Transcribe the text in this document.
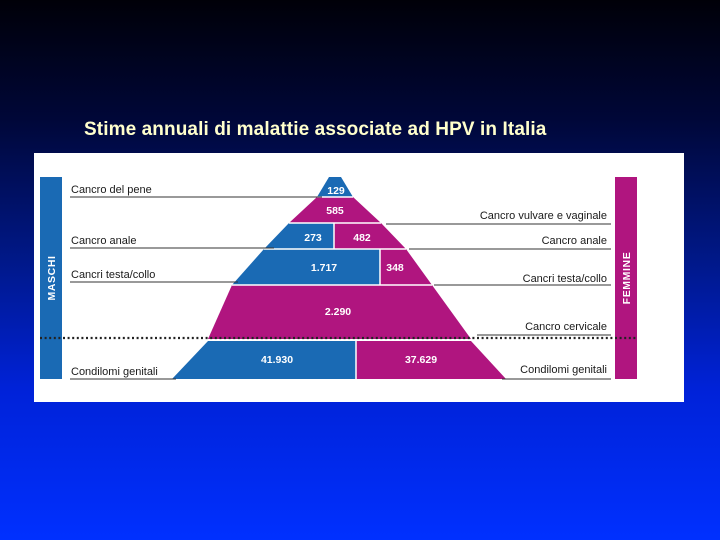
Stime annuali di malattie associate ad HPV in Italia
MASCHI	FEMMINE
Cancro del pene
Cancro anale
Cancri testa/collo
Condilomi genitali
Cancro vulvare e vaginale
Cancro anale
Cancri testa/collo
Cancro cervicale
Condilomi genitali
129
585
273	482
1.717	348
2.290
41.930	37.629
